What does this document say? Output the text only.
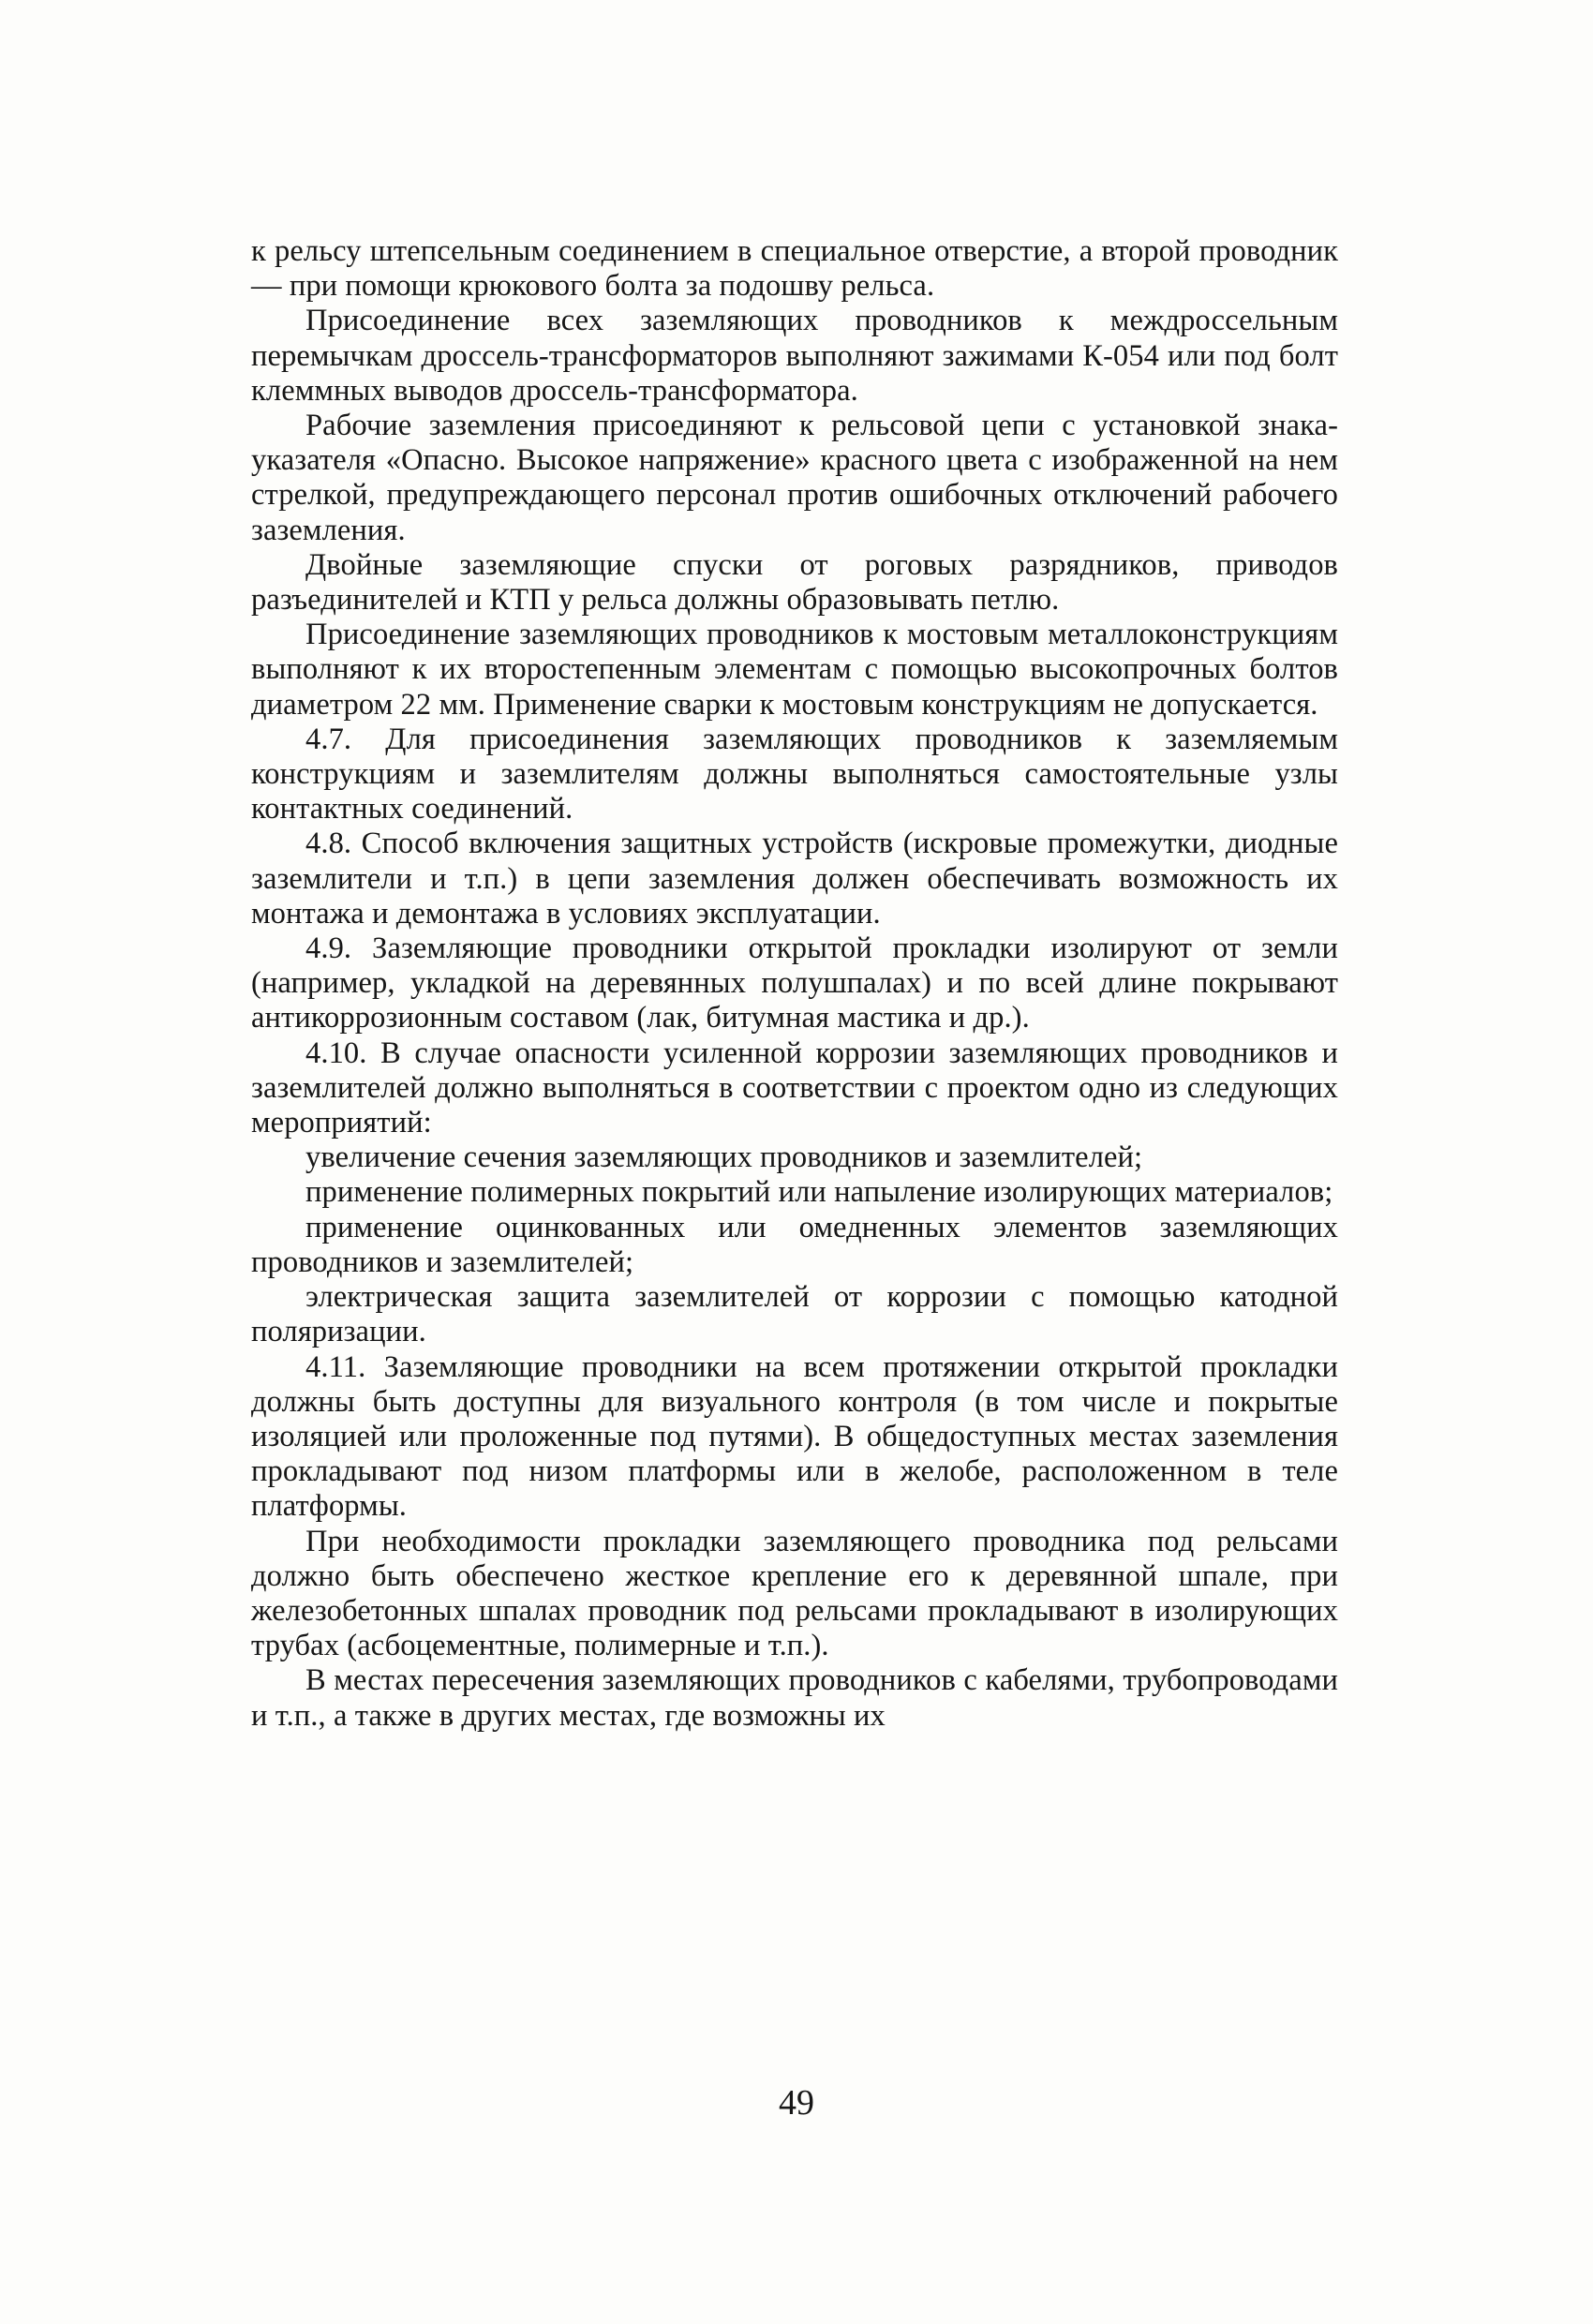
к рельсу штепсельным соединением в специальное отверстие, а второй проводник — при помощи крюкового болта за подошву рельса.

Присоединение всех заземляющих проводников к междроссельным перемычкам дроссель-трансформаторов выполняют зажимами К-054 или под болт клеммных выводов дроссель-трансформатора.

Рабочие заземления присоединяют к рельсовой цепи с установкой знака-указателя «Опасно. Высокое напряжение» красного цвета с изображенной на нем стрелкой, предупреждающего персонал против ошибочных отключений рабочего заземления.

Двойные заземляющие спуски от роговых разрядников, приводов разъединителей и КТП у рельса должны образовывать петлю.

Присоединение заземляющих проводников к мостовым металлоконструкциям выполняют к их второстепенным элементам с помощью высокопрочных болтов диаметром 22 мм. Применение сварки к мостовым конструкциям не допускается.

4.7. Для присоединения заземляющих проводников к заземляемым конструкциям и заземлителям должны выполняться самостоятельные узлы контактных соединений.

4.8. Способ включения защитных устройств (искровые промежутки, диодные заземлители и т.п.) в цепи заземления должен обеспечивать возможность их монтажа и демонтажа в условиях эксплуатации.

4.9. Заземляющие проводники открытой прокладки изолируют от земли (например, укладкой на деревянных полушпалах) и по всей длине покрывают антикоррозионным составом (лак, битумная мастика и др.).

4.10. В случае опасности усиленной коррозии заземляющих проводников и заземлителей должно выполняться в соответствии с проектом одно из следующих мероприятий:

увеличение сечения заземляющих проводников и заземлителей;

применение полимерных покрытий или напыление изолирующих материалов;

применение оцинкованных или омедненных элементов заземляющих проводников и заземлителей;

электрическая защита заземлителей от коррозии с помощью катодной поляризации.

4.11. Заземляющие проводники на всем протяжении открытой прокладки должны быть доступны для визуального контроля (в том числе и покрытые изоляцией или проложенные под путями). В общедоступных местах заземления прокладывают под низом платформы или в желобе, расположенном в теле платформы.

При необходимости прокладки заземляющего проводника под рельсами должно быть обеспечено жесткое крепление его к деревянной шпале, при железобетонных шпалах проводник под рельсами прокладывают в изолирующих трубах (асбоцементные, полимерные и т.п.).

В местах пересечения заземляющих проводников с кабелями, трубопроводами и т.п., а также в других местах, где возможны их

49
